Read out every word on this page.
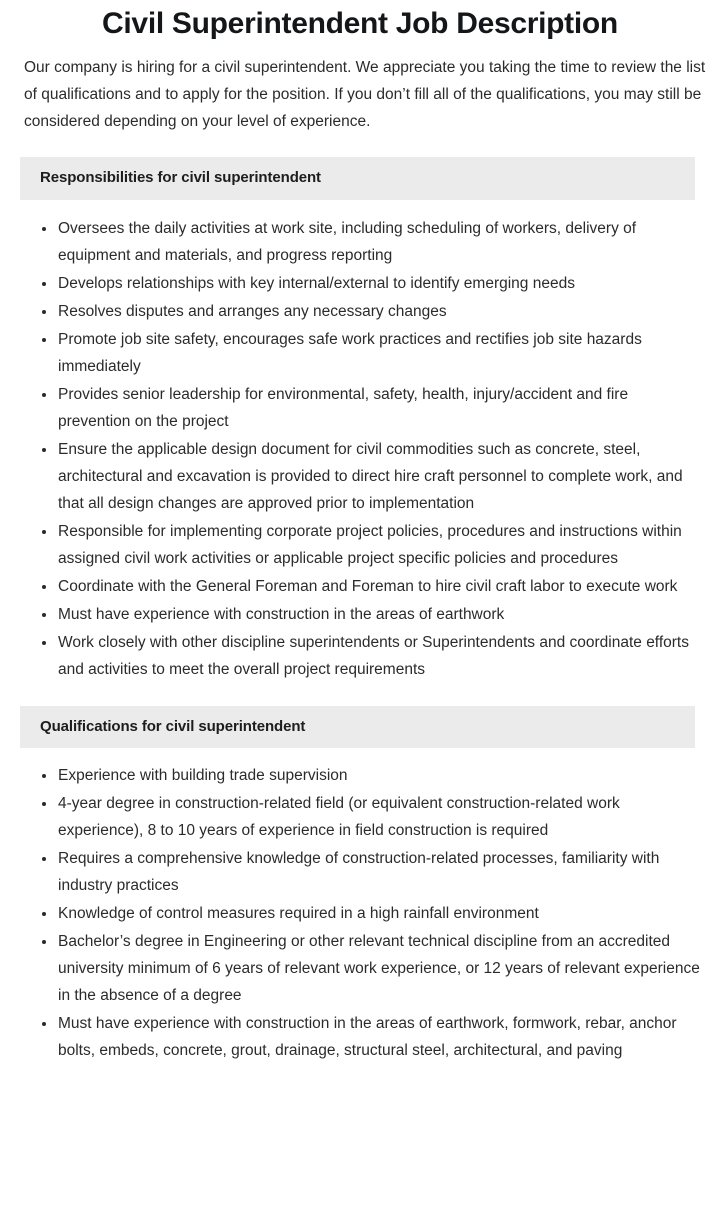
Civil Superintendent Job Description

Our company is hiring for a civil superintendent. We appreciate you taking the time to review the list of qualifications and to apply for the position. If you don’t fill all of the qualifications, you may still be considered depending on your level of experience.

Responsibilities for civil superintendent
Oversees the daily activities at work site, including scheduling of workers, delivery of equipment and materials, and progress reporting
Develops relationships with key internal/external to identify emerging needs
Resolves disputes and arranges any necessary changes
Promote job site safety, encourages safe work practices and rectifies job site hazards immediately
Provides senior leadership for environmental, safety, health, injury/accident and fire prevention on the project
Ensure the applicable design document for civil commodities such as concrete, steel, architectural and excavation is provided to direct hire craft personnel to complete work, and that all design changes are approved prior to implementation
Responsible for implementing corporate project policies, procedures and instructions within assigned civil work activities or applicable project specific policies and procedures
Coordinate with the General Foreman and Foreman to hire civil craft labor to execute work
Must have experience with construction in the areas of earthwork
Work closely with other discipline superintendents or Superintendents and coordinate efforts and activities to meet the overall project requirements
Qualifications for civil superintendent
Experience with building trade supervision
4-year degree in construction-related field (or equivalent construction-related work experience), 8 to 10 years of experience in field construction is required
Requires a comprehensive knowledge of construction-related processes, familiarity with industry practices
Knowledge of control measures required in a high rainfall environment
Bachelor’s degree in Engineering or other relevant technical discipline from an accredited university minimum of 6 years of relevant work experience, or 12 years of relevant experience in the absence of a degree
Must have experience with construction in the areas of earthwork, formwork, rebar, anchor bolts, embeds, concrete, grout, drainage, structural steel, architectural, and paving
